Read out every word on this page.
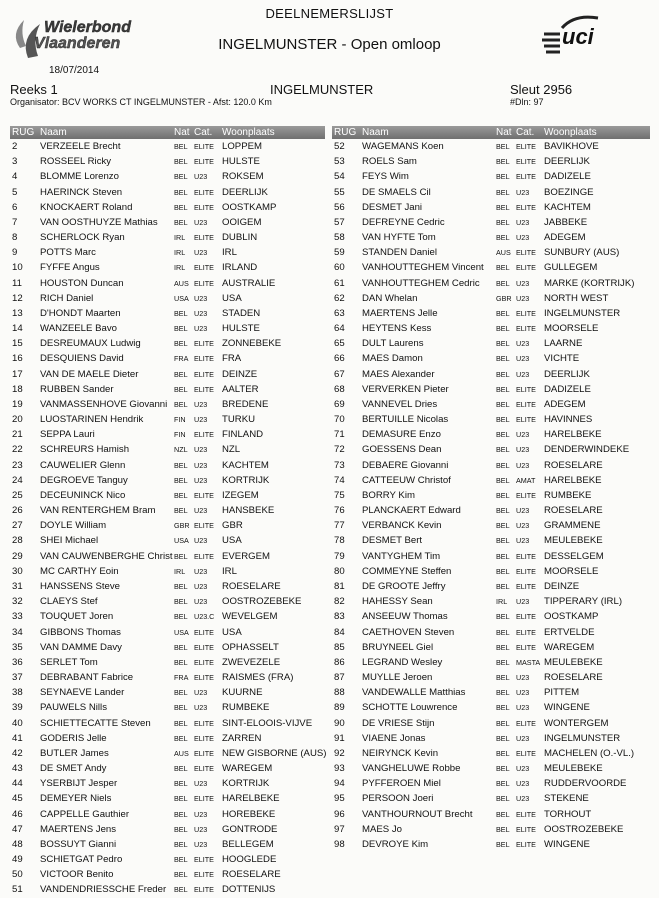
Wielerbond
Vlaanderen	uci
DEELNEMERSLIJST
INGELMUNSTER - Open omloop
18/07/2014
Reeks 1
Organisator: BCV WORKS CT INGELMUNSTER - Afst: 120.0 Km
INGELMUNSTER	Sleut 2956
#Dln: 97
RUG Naam	Nat Cat. Woonplaats
2 VERZEELE Brecht	BEL ELITE LOPPEM
3 ROSSEEL Ricky	BEL ELITE HULSTE
4 BLOMME Lorenzo	BEL U23 ROKSEM
5 HAERINCK Steven	BEL ELITE DEERLIJK
6 KNOCKAERT Roland	BEL ELITE OOSTKAMP
7 VAN OOSTHUYZE Mathias BEL U23 OOIGEM
8 SCHERLOCK Ryan	IRL ELITE DUBLIN
9 POTTS Marc	IRL U23 IRL
10 FYFFE Angus	IRL ELITE IRLAND
11 HOUSTON Duncan	AUS ELITE AUSTRALIE
12 RICH Daniel	USA U23 USA
13 D'HONDT Maarten	BEL U23 STADEN
14 WANZEELE Bavo	BEL U23 HULSTE
15 DESREUMAUX Ludwig	BEL ELITE ZONNEBEKE
16 DESQUIENS David	FRA ELITE FRA
17 VAN DE MAELE Dieter	BEL ELITE DEINZE
18 RUBBEN Sander	BEL ELITE AALTER
19 VANMASSENHOVE Giovanni BEL U23 BREDENE
20 LUOSTARINEN Hendrik	FIN U23 TURKU
21 SEPPA Lauri	FIN ELITE FINLAND
22 SCHREURS Hamish	NZL U23 NZL
23 CAUWELIER Glenn	BEL U23 KACHTEM
24 DEGROEVE Tanguy	BEL U23 KORTRIJK
25 DECEUNINCK Nico	BEL ELITE IZEGEM
26 VAN RENTERGHEM Bram	BEL U23 HANSBEKE
27 DOYLE William	GBR ELITE GBR
28 SHEI Michael	USA U23 USA
29 VAN CAUWENBERGHE Christ BEL ELITE EVERGEM
30 MC CARTHY Eoin	IRL U23 IRL
31 HANSSENS Steve	BEL U23 ROESELARE
32 CLAEYS Stef	BEL U23 OOSTROZEBEKE
33 TOUQUET Joren	BEL U23.C WEVELGEM
34 GIBBONS Thomas	USA ELITE USA
35 VAN DAMME Davy	BEL ELITE OPHASSELT
36 SERLET Tom	BEL ELITE ZWEVEZELE
37 DEBRABANT Fabrice	FRA ELITE RAISMES (FRA)
38 SEYNAEVE Lander	BEL U23 KUURNE
39 PAUWELS Nills	BEL U23 RUMBEKE
40 SCHIETTECATTE Steven	BEL ELITE SINT-ELOOIS-VIJVE
41 GODERIS Jelle	BEL ELITE ZARREN
42 BUTLER James	AUS ELITE NEW GISBORNE (AUS)
43 DE SMET Andy	BEL ELITE WAREGEM
44 YSERBIJT Jesper	BEL U23 KORTRIJK
45 DEMEYER Niels	BEL ELITE HARELBEKE
46 CAPPELLE Gauthier	BEL U23 HOREBEKE
47 MAERTENS Jens	BEL U23 GONTRODE
48 BOSSUYT Gianni	BEL U23 BELLEGEM
49 SCHIETGAT Pedro	BEL ELITE HOOGLEDE
50 VICTOOR Benito	BEL ELITE ROESELARE
51 VANDENDRIESSCHE Freder BEL ELITE DOTTENIJS
RUG Naam	Nat Cat. Woonplaats
52 WAGEMANS Koen	BEL ELITE BAVIKHOVE
53 ROELS Sam	BEL ELITE DEERLIJK
54 FEYS Wim	BEL ELITE DADIZELE
55 DE SMAELS Cil	BEL U23 BOEZINGE
56 DESMET Jani	BEL ELITE KACHTEM
57 DEFREYNE Cedric	BEL U23 JABBEKE
58 VAN HYFTE Tom	BEL U23 ADEGEM
59 STANDEN Daniel	AUS ELITE SUNBURY (AUS)
60 VANHOUTTEGHEM Vincent BEL ELITE GULLEGEM
61 VANHOUTTEGHEM Cedric BEL U23 MARKE (KORTRIJK)
62 DAN Whelan	GBR U23 NORTH WEST
63 MAERTENS Jelle	BEL ELITE INGELMUNSTER
64 HEYTENS Kess	BEL ELITE MOORSELE
65 DULT Laurens	BEL U23 LAARNE
66 MAES Damon	BEL U23 VICHTE
67 MAES Alexander	BEL U23 DEERLIJK
68 VERVERKEN Pieter	BEL ELITE DADIZELE
69 VANNEVEL Dries	BEL ELITE ADEGEM
70 BERTUILLE Nicolas	BEL ELITE HAVINNES
71 DEMASURE Enzo	BEL U23 HARELBEKE
72 GOESSENS Dean	BEL U23 DENDERWINDEKE
73 DEBAERE Giovanni	BEL U23 ROESELARE
74 CATTEEUW Christof	BEL AMAT HARELBEKE
75 BORRY Kim	BEL ELITE RUMBEKE
76 PLANCKAERT Edward	BEL U23 ROESELARE
77 VERBANCK Kevin	BEL U23 GRAMMENE
78 DESMET Bert	BEL U23 MEULEBEKE
79 VANTYGHEM Tim	BEL ELITE DESSELGEM
80 COMMEYNE Steffen	BEL ELITE MOORSELE
81 DE GROOTE Jeffry	BEL ELITE DEINZE
82 HAHESSY Sean	IRL U23 TIPPERARY (IRL)
83 ANSEEUW Thomas	BEL ELITE OOSTKAMP
84 CAETHOVEN Steven	BEL ELITE ERTVELDE
85 BRUYNEEL Giel	BEL ELITE WAREGEM
86 LEGRAND Wesley	BEL MASTA MEULEBEKE
87 MUYLLE Jeroen	BEL U23 ROESELARE
88 VANDEWALLE Matthias	BEL U23 PITTEM
89 SCHOTTE Louwrence	BEL U23 WINGENE
90 DE VRIESE Stijn	BEL ELITE WONTERGEM
91 VIAENE Jonas	BEL U23 INGELMUNSTER
92 NEIRYNCK Kevin	BEL ELITE MACHELEN (O.-VL.)
93 VANGHELUWE Robbe	BEL U23 MEULEBEKE
94 PYFFEROEN Miel	BEL U23 RUDDERVOORDE
95 PERSOON Joeri	BEL U23 STEKENE
96 VANTHOURNOUT Brecht	BEL ELITE TORHOUT
97 MAES Jo	BEL ELITE OOSTROZEBEKE
98 DEVROYE Kim	BEL ELITE WINGENE
